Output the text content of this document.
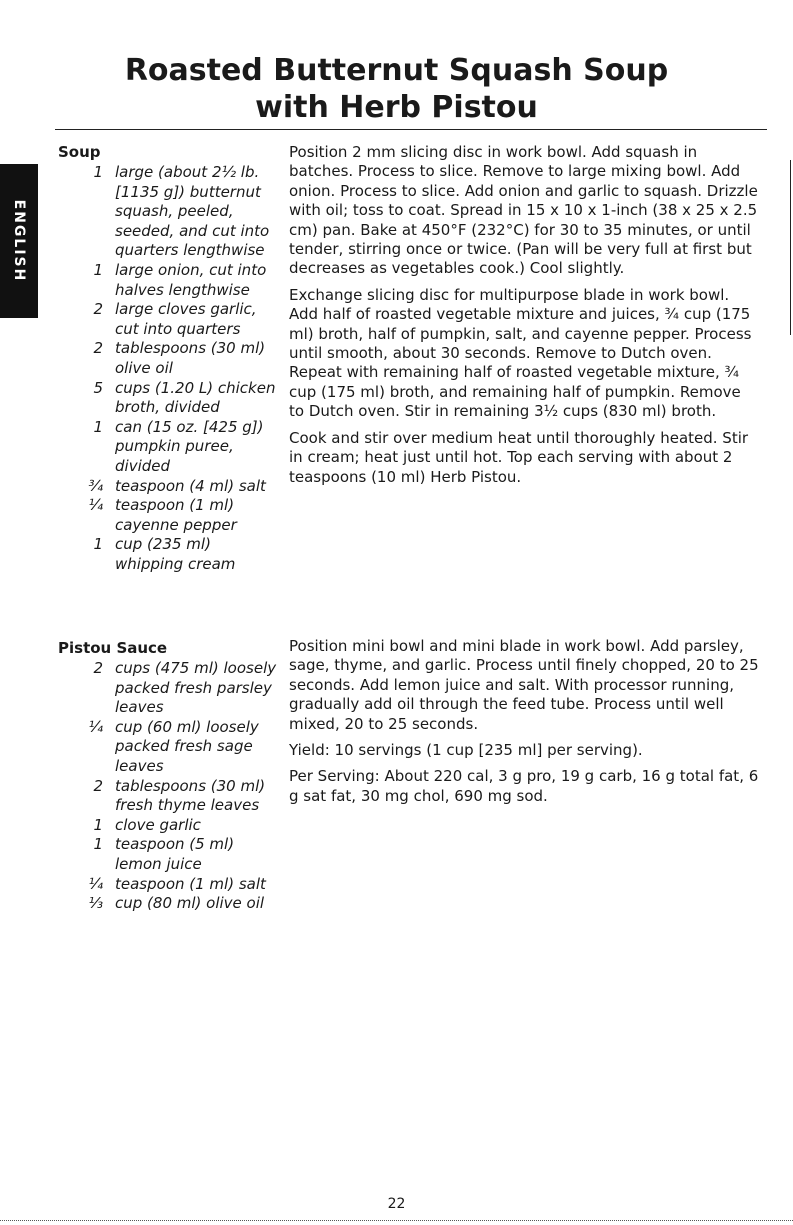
Roasted Butternut Squash Soup
with Herb Pistou
ENGLISH
Soup
1 large (about 2½ lb. [1135 g]) butternut squash, peeled, seeded, and cut into quarters lengthwise
1 large onion, cut into halves lengthwise
2 large cloves garlic, cut into quarters
2 tablespoons (30 ml) olive oil
5 cups (1.20 L) chicken broth, divided
1 can (15 oz. [425 g]) pumpkin puree, divided
¾ teaspoon (4 ml) salt
¼ teaspoon (1 ml) cayenne pepper
1 cup (235 ml) whipping cream

Position 2 mm slicing disc in work bowl. Add squash in batches. Process to slice. Remove to large mixing bowl. Add onion. Process to slice. Add onion and garlic to squash. Drizzle with oil; toss to coat. Spread in 15 x 10 x 1-inch (38 x 25 x 2.5 cm) pan. Bake at 450°F (232°C) for 30 to 35 minutes, or until tender, stirring once or twice. (Pan will be very full at first but decreases as vegetables cook.) Cool slightly.

Exchange slicing disc for multipurpose blade in work bowl. Add half of roasted vegetable mixture and juices, ¾ cup (175 ml) broth, half of pumpkin, salt, and cayenne pepper. Process until smooth, about 30 seconds. Remove to Dutch oven. Repeat with remaining half of roasted vegetable mixture, ¾ cup (175 ml) broth, and remaining half of pumpkin. Remove to Dutch oven. Stir in remaining 3½ cups (830 ml) broth.

Cook and stir over medium heat until thoroughly heated. Stir in cream; heat just until hot. Top each serving with about 2 teaspoons (10 ml) Herb Pistou.

Pistou Sauce
2 cups (475 ml) loosely packed fresh parsley leaves
¼ cup (60 ml) loosely packed fresh sage leaves
2 tablespoons (30 ml) fresh thyme leaves
1 clove garlic
1 teaspoon (5 ml) lemon juice
¼ teaspoon (1 ml) salt
⅓ cup (80 ml) olive oil

Position mini bowl and mini blade in work bowl. Add parsley, sage, thyme, and garlic. Process until finely chopped, 20 to 25 seconds. Add lemon juice and salt. With processor running, gradually add oil through the feed tube. Process until well mixed, 20 to 25 seconds.

Yield: 10 servings (1 cup [235 ml] per serving).

Per Serving: About 220 cal, 3 g pro, 19 g carb, 16 g total fat, 6 g sat fat, 30 mg chol, 690 mg sod.

22
